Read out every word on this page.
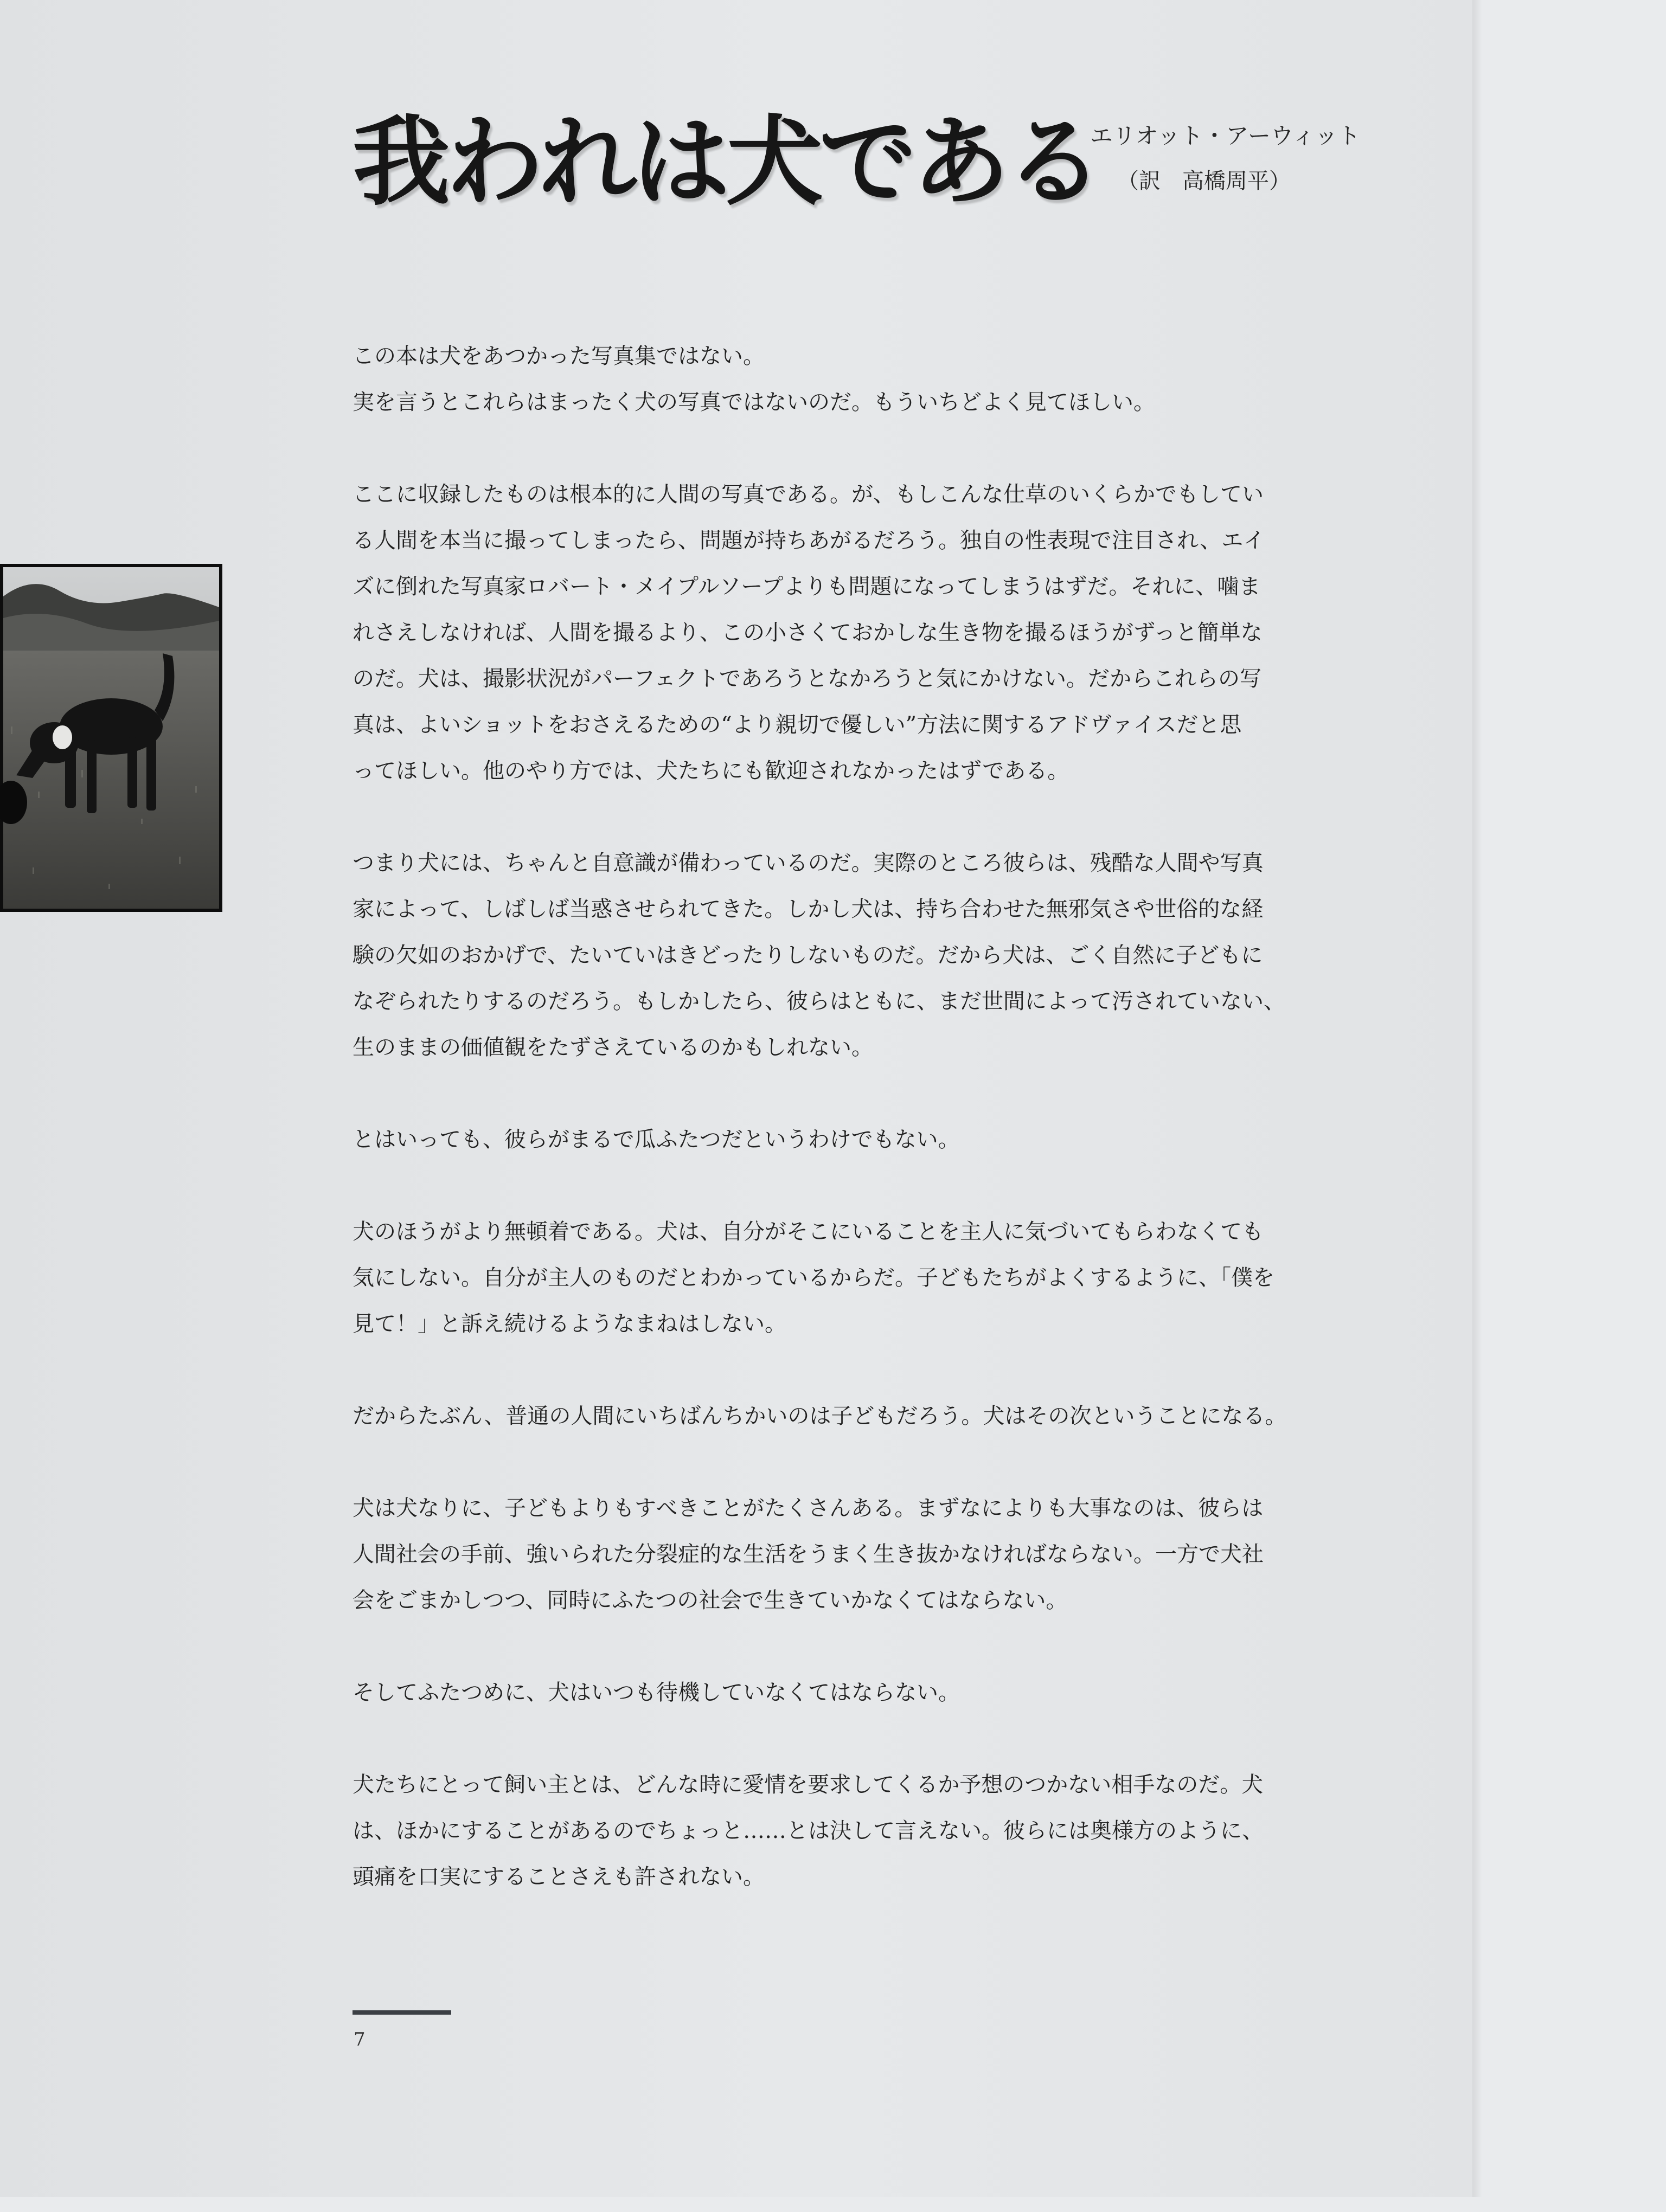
我われは犬である
エリオット・アーウィット
（訳　高橋周平）

この本は犬をあつかった写真集ではない。
実を言うとこれらはまったく犬の写真ではないのだ。もういちどよく見てほしい。

ここに収録したものは根本的に人間の写真である。が、もしこんな仕草のいくらかでもしてい
る人間を本当に撮ってしまったら、問題が持ちあがるだろう。独自の性表現で注目され、エイ
ズに倒れた写真家ロバート・メイプルソープよりも問題になってしまうはずだ。それに、噛ま
れさえしなければ、人間を撮るより、この小さくておかしな生き物を撮るほうがずっと簡単な
のだ。犬は、撮影状況がパーフェクトであろうとなかろうと気にかけない。だからこれらの写
真は、よいショットをおさえるための“より親切で優しい”方法に関するアドヴァイスだと思
ってほしい。他のやり方では、犬たちにも歓迎されなかったはずである。

つまり犬には、ちゃんと自意識が備わっているのだ。実際のところ彼らは、残酷な人間や写真
家によって、しばしば当惑させられてきた。しかし犬は、持ち合わせた無邪気さや世俗的な経
験の欠如のおかげで、たいていはきどったりしないものだ。だから犬は、ごく自然に子どもに
なぞられたりするのだろう。もしかしたら、彼らはともに、まだ世間によって汚されていない、
生のままの価値観をたずさえているのかもしれない。

とはいっても、彼らがまるで瓜ふたつだというわけでもない。

犬のほうがより無頓着である。犬は、自分がそこにいることを主人に気づいてもらわなくても
気にしない。自分が主人のものだとわかっているからだ。子どもたちがよくするように、「僕を
見て！」と訴え続けるようなまねはしない。

だからたぶん、普通の人間にいちばんちかいのは子どもだろう。犬はその次ということになる。

犬は犬なりに、子どもよりもすべきことがたくさんある。まずなによりも大事なのは、彼らは
人間社会の手前、強いられた分裂症的な生活をうまく生き抜かなければならない。一方で犬社
会をごまかしつつ、同時にふたつの社会で生きていかなくてはならない。

そしてふたつめに、犬はいつも待機していなくてはならない。

犬たちにとって飼い主とは、どんな時に愛情を要求してくるか予想のつかない相手なのだ。犬
は、ほかにすることがあるのでちょっと……とは決して言えない。彼らには奥様方のように、
頭痛を口実にすることさえも許されない。

7
